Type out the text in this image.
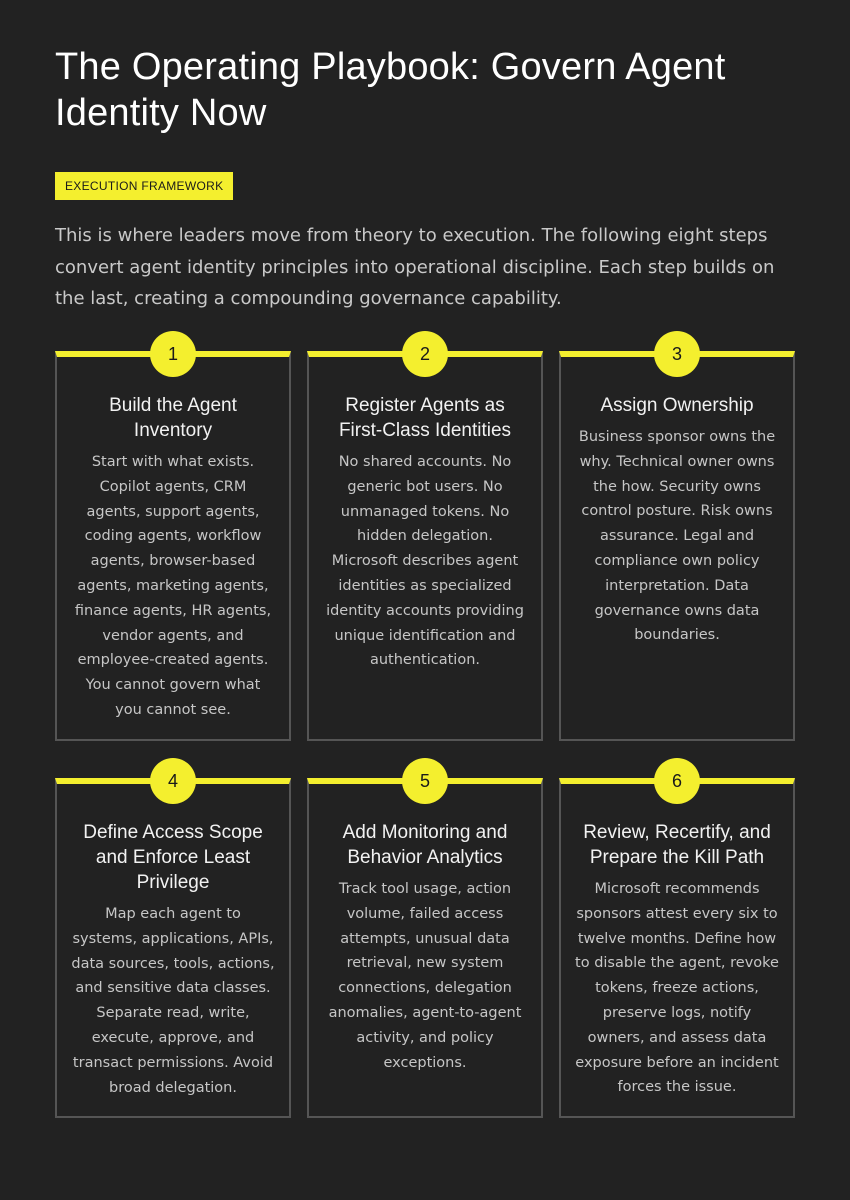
The Operating Playbook: Govern Agent Identity Now
EXECUTION FRAMEWORK

This is where leaders move from theory to execution. The following eight steps convert agent identity principles into operational discipline. Each step builds on the last, creating a compounding governance capability.

1
Build the Agent Inventory

Start with what exists. Copilot agents, CRM agents, support agents, coding agents, workflow agents, browser-based agents, marketing agents, finance agents, HR agents, vendor agents, and employee-created agents. You cannot govern what you cannot see.

2
Register Agents as First-Class Identities

No shared accounts. No generic bot users. No unmanaged tokens. No hidden delegation. Microsoft describes agent identities as specialized identity accounts providing unique identification and authentication.

3
Assign Ownership

Business sponsor owns the why. Technical owner owns the how. Security owns control posture. Risk owns assurance. Legal and compliance own policy interpretation. Data governance owns data boundaries.

4
Define Access Scope and Enforce Least Privilege

Map each agent to systems, applications, APIs, data sources, tools, actions, and sensitive data classes. Separate read, write, execute, approve, and transact permissions. Avoid broad delegation.

5
Add Monitoring and Behavior Analytics

Track tool usage, action volume, failed access attempts, unusual data retrieval, new system connections, delegation anomalies, agent-to-agent activity, and policy exceptions.

6
Review, Recertify, and Prepare the Kill Path

Microsoft recommends sponsors attest every six to twelve months. Define how to disable the agent, revoke tokens, freeze actions, preserve logs, notify owners, and assess data exposure before an incident forces the issue.
